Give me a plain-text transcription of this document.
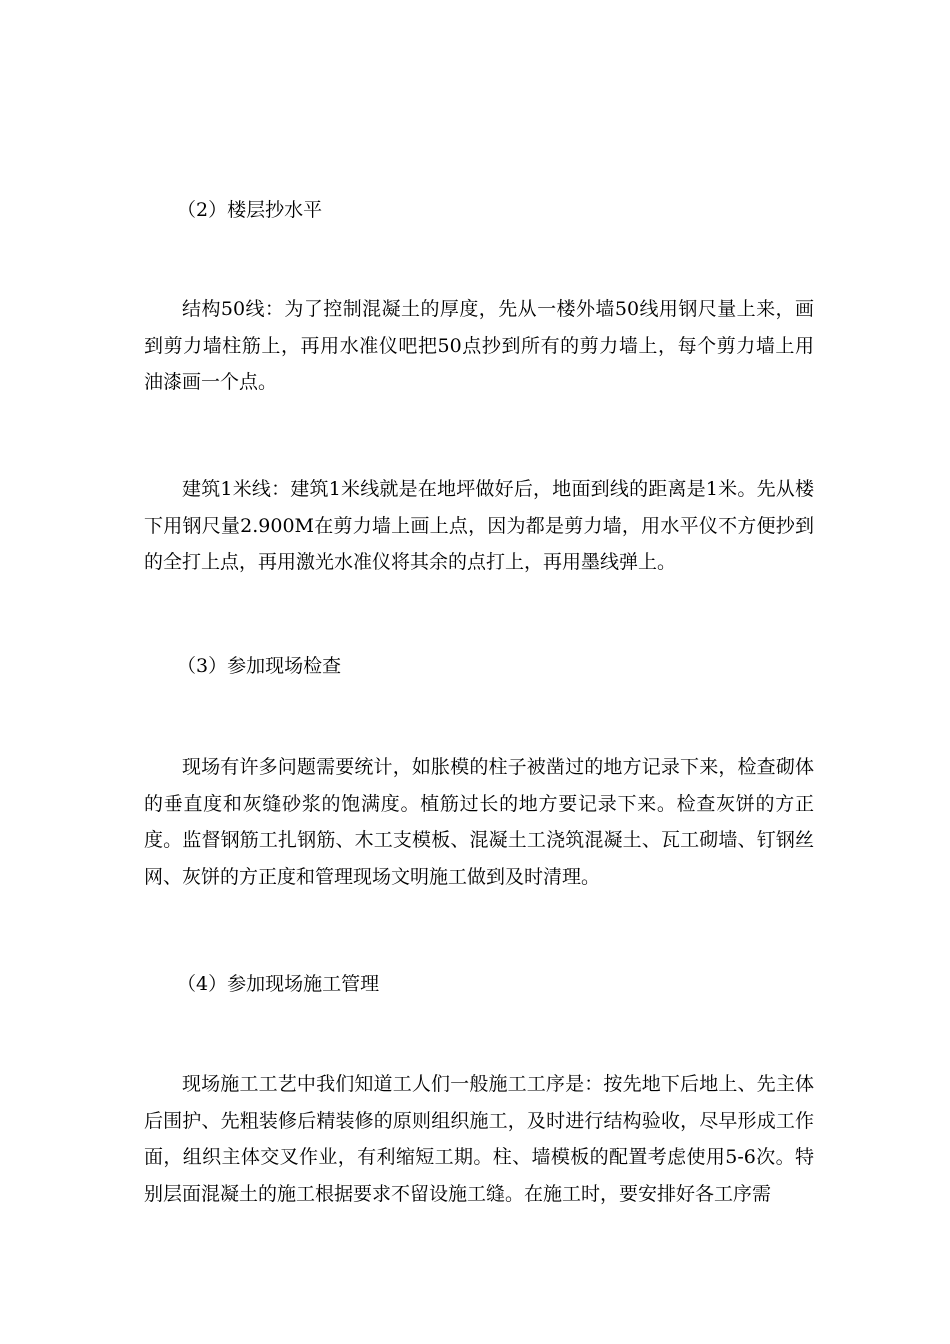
（2）楼层抄水平

结构50线：为了控制混凝土的厚度，先从一楼外墙50线用钢尺量上来，画到剪力墙柱筋上，再用水准仪吧把50点抄到所有的剪力墙上，每个剪力墙上用油漆画一个点。

建筑1米线：建筑1米线就是在地坪做好后，地面到线的距离是1米。先从楼下用钢尺量2.900M在剪力墙上画上点，因为都是剪力墙，用水平仪不方便抄到的全打上点，再用激光水准仪将其余的点打上，再用墨线弹上。

（3）参加现场检查

现场有许多问题需要统计，如胀模的柱子被凿过的地方记录下来，检查砌体的垂直度和灰缝砂浆的饱满度。植筋过长的地方要记录下来。检查灰饼的方正度。监督钢筋工扎钢筋、木工支模板、混凝土工浇筑混凝土、瓦工砌墙、钉钢丝网、灰饼的方正度和管理现场文明施工做到及时清理。

（4）参加现场施工管理

现场施工工艺中我们知道工人们一般施工工序是：按先地下后地上、先主体后围护、先粗装修后精装修的原则组织施工，及时进行结构验收，尽早形成工作面，组织主体交叉作业，有利缩短工期。柱、墙模板的配置考虑使用5-6次。特别层面混凝土的施工根据要求不留设施工缝。在施工时，要安排好各工序需
